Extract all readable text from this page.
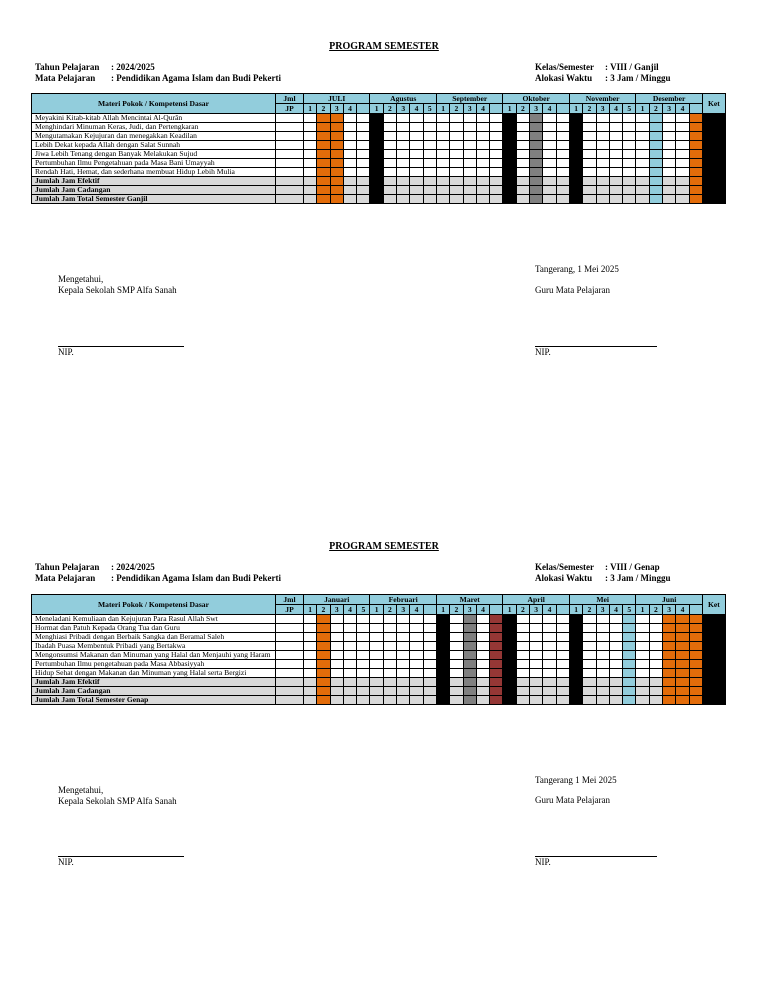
PROGRAM SEMESTER
Tahun Pelajaran : 2024/2025
Mata Pelajaran : Pendidikan Agama Islam dan Budi Pekerti
Kelas/Semester : VIII / Ganjil
Alokasi Waktu : 3 Jam / Minggu
Materi Pokok / Kompetensi Dasar	Jml	JULI					Agustus					September					Oktober					November					Desember					Ket
	JP	1	2	3	4		1	2	3	4	5	1	2	3	4		1	2	3	4		1	2	3	4	5	1	2	3	4		
Meyakini Kitab-kitab Allah Mencintai Al-Qurân																																
Menghindari Minuman Keras, Judi, dan Pertengkaran																																
Mengutamakan Kejujuran dan menegakkan Keadilan																																
Lebih Dekat kepada Allah dengan Salat Sunnah																																
Jiwa Lebih Tenang dengan Banyak Melakukan Sujud																																
Pertumbuhan Ilmu Pengetahuan pada Masa Bani Umayyah																																
Rendah Hati, Hemat, dan sederhana membuat Hidup Lebih Mulia																																
Jumlah Jam Efektif																																
Jumlah Jam Cadangan																																
Jumlah Jam Total Semester Ganjil																																
Mengetahui,
Kepala Sekolah SMP Alfa Sanah
NIP.
Tangerang, 1 Mei 2025
Guru Mata Pelajaran
NIP.
PROGRAM SEMESTER
Tahun Pelajaran : 2024/2025
Mata Pelajaran : Pendidikan Agama Islam dan Budi Pekerti
Kelas/Semester : VIII / Genap
Alokasi Waktu : 3 Jam / Minggu
Materi Pokok / Kompetensi Dasar	Jml	Januari					Februari					Maret					April					Mei					Juni					Ket
	JP	1	2	3	4	5	1	2	3	4		1	2	3	4		1	2	3	4		1	2	3	4	5	1	2	3	4		
Meneladani Kemuliaan dan Kejujuran Para Rasul Allah Swt																																
Hormat dan Patuh Kepada Orang Tua dan Guru																																
Menghiasi Pribadi dengan Berbaik Sangka dan Beramal Saleh																																
Ibadah Puasa Membentuk Pribadi yang Bertakwa																																
Mengonsumsi Makanan dan Minuman yang Halal dan Menjauhi yang Haram																																
Pertumbuhan Ilmu pengetahuan pada Masa Abbasiyyah																																
Hidup Sehat dengan Makanan dan Minuman yang Halal serta Bergizi																																
Jumlah Jam Efektif																																
Jumlah Jam Cadangan																																
Jumlah Jam Total Semester Genap																																
Mengetahui,
Kepala Sekolah SMP Alfa Sanah
NIP.
Tangerang 1 Mei 2025
Guru Mata Pelajaran
NIP.
